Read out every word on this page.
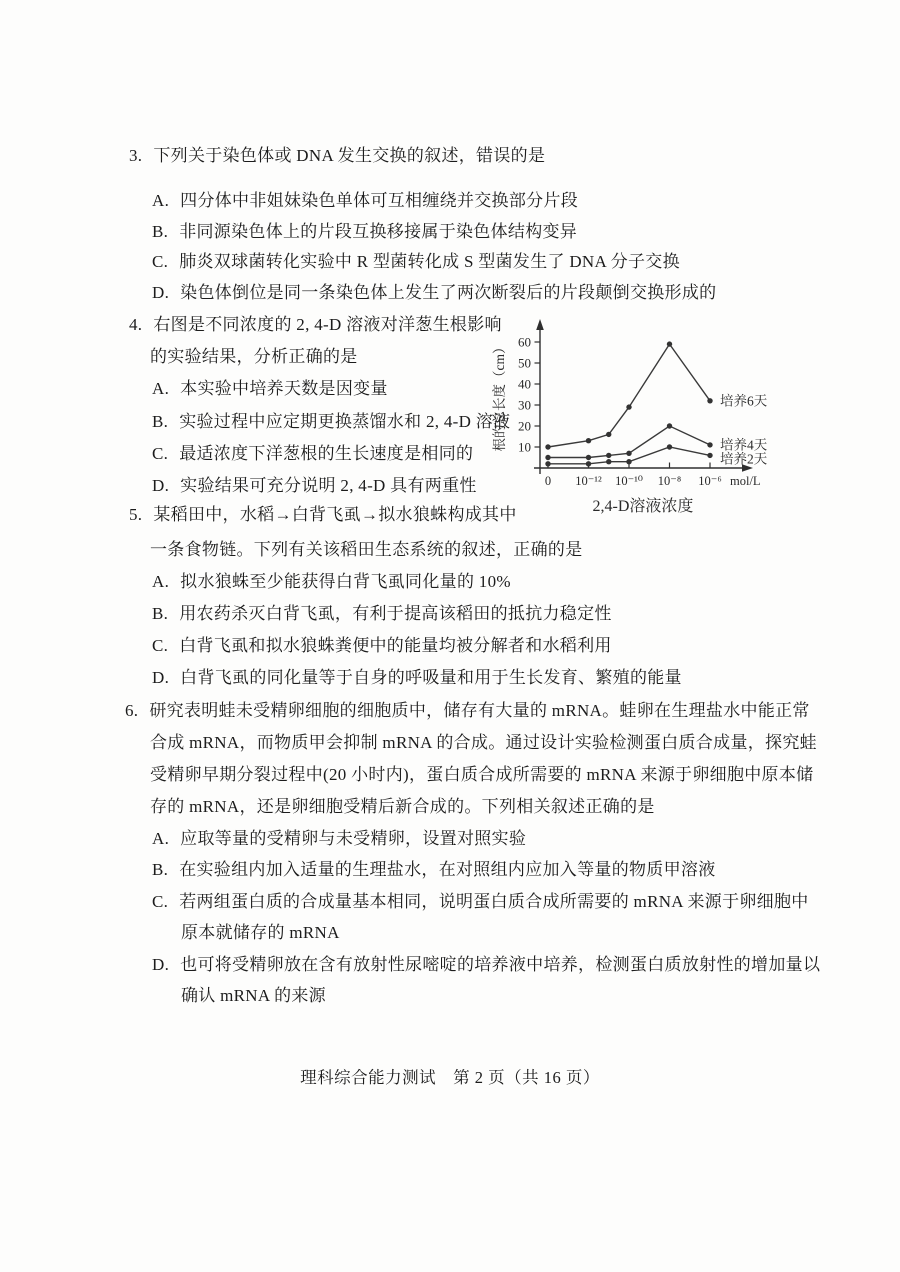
3. 下列关于染色体或 DNA 发生交换的叙述，错误的是
A. 四分体中非姐妹染色单体可互相缠绕并交换部分片段
B. 非同源染色体上的片段互换移接属于染色体结构变异
C. 肺炎双球菌转化实验中 R 型菌转化成 S 型菌发生了 DNA 分子交换
D. 染色体倒位是同一条染色体上发生了两次断裂后的片段颠倒交换形成的
4. 右图是不同浓度的 2, 4-D 溶液对洋葱生根影响
的实验结果，分析正确的是
A. 本实验中培养天数是因变量
B. 实验过程中应定期更换蒸馏水和 2, 4-D 溶液
C. 最适浓度下洋葱根的生长速度是相同的
D. 实验结果可充分说明 2, 4-D 具有两重性
10
20
30
40
50
60
0 10⁻¹² 10⁻¹⁰ 10⁻⁸ 10⁻⁶ mol/L
培养6天
培养4天
培养2天
根的总长度（cm）
2,4-D溶液浓度
5. 某稻田中，水稻→白背飞虱→拟水狼蛛构成其中
一条食物链。下列有关该稻田生态系统的叙述，正确的是
A. 拟水狼蛛至少能获得白背飞虱同化量的 10%
B. 用农药杀灭白背飞虱，有利于提高该稻田的抵抗力稳定性
C. 白背飞虱和拟水狼蛛粪便中的能量均被分解者和水稻利用
D. 白背飞虱的同化量等于自身的呼吸量和用于生长发育、繁殖的能量
6. 研究表明蛙未受精卵细胞的细胞质中，储存有大量的 mRNA。蛙卵在生理盐水中能正常
合成 mRNA，而物质甲会抑制 mRNA 的合成。通过设计实验检测蛋白质合成量，探究蛙
受精卵早期分裂过程中(20 小时内)，蛋白质合成所需要的 mRNA 来源于卵细胞中原本储
存的 mRNA，还是卵细胞受精后新合成的。下列相关叙述正确的是
A. 应取等量的受精卵与未受精卵，设置对照实验
B. 在实验组内加入适量的生理盐水，在对照组内应加入等量的物质甲溶液
C. 若两组蛋白质的合成量基本相同，说明蛋白质合成所需要的 mRNA 来源于卵细胞中
原本就储存的 mRNA
D. 也可将受精卵放在含有放射性尿嘧啶的培养液中培养，检测蛋白质放射性的增加量以
确认 mRNA 的来源
理科综合能力测试　第 2 页（共 16 页）
